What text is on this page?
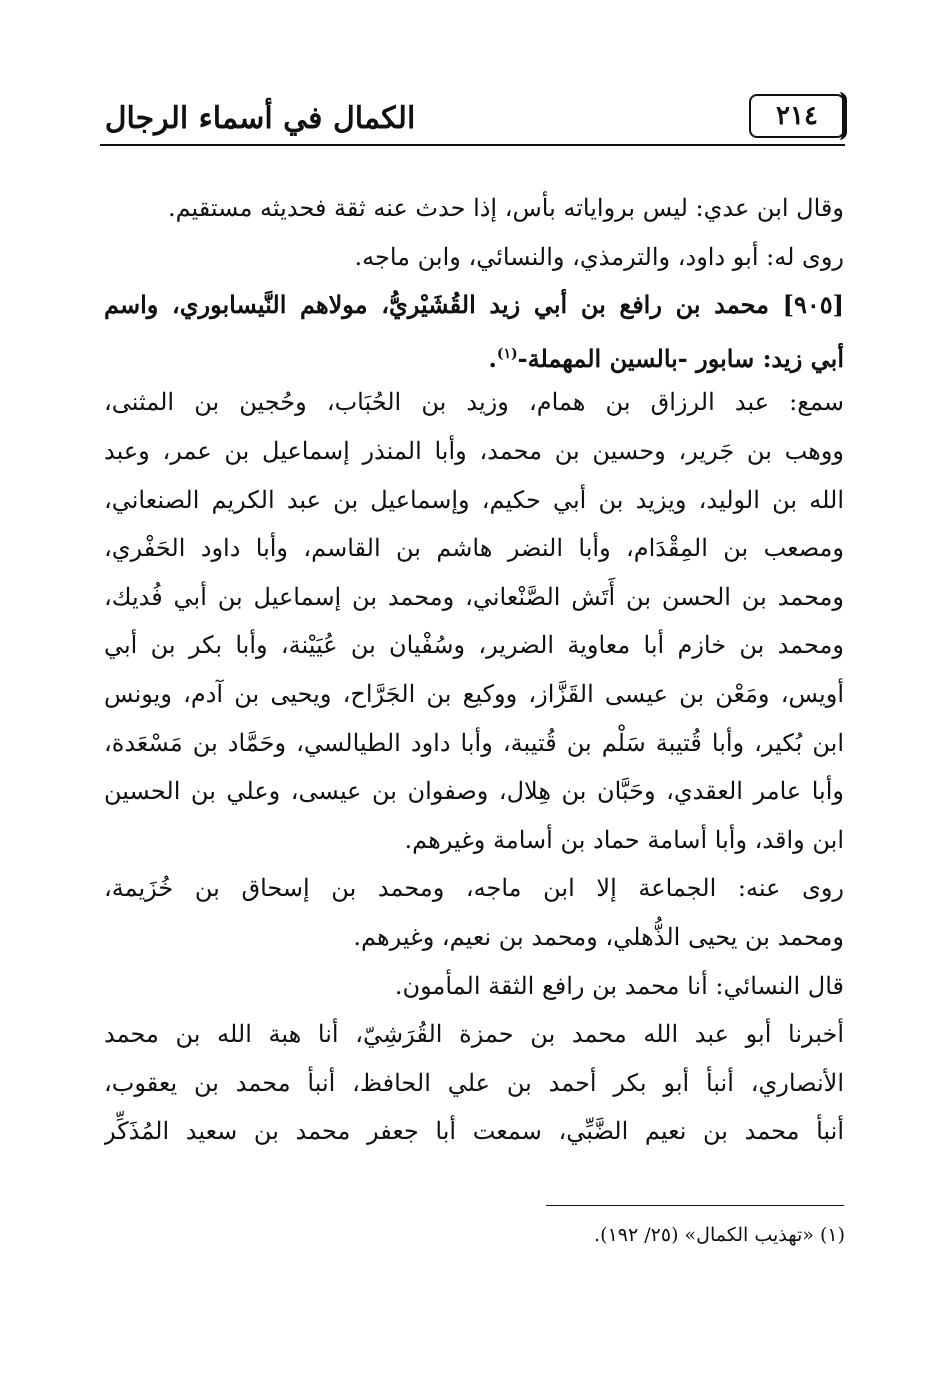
الكمال في أسماء الرجال	٢١٤
وقال ابن عدي: ليس برواياته بأس، إذا حدث عنه ثقة فحديثه مستقيم.
روى له: أبو داود، والترمذي، والنسائي، وابن ماجه.
[٩٠٥] محمد بن رافع بن أبي زيد القُشَيْريُّ، مولاهم النَّيسابوري، واسم
أبي زيد: سابور -بالسين المهملة-$^{(١)}$.
سمع: عبد الرزاق بن همام، وزيد بن الحُبَاب، وحُجين بن المثنى،
ووهب بن جَرير، وحسين بن محمد، وأبا المنذر إسماعيل بن عمر، وعبد
الله بن الوليد، ويزيد بن أبي حكيم، وإسماعيل بن عبد الكريم الصنعاني،
ومصعب بن المِقْدَام، وأبا النضر هاشم بن القاسم، وأبا داود الحَفْري،
ومحمد بن الحسن بن أَتَش الصَّنْعاني، ومحمد بن إسماعيل بن أبي فُديك،
ومحمد بن خازم أبا معاوية الضرير، وسُفْيان بن عُيَيْنة، وأبا بكر بن أبي
أويس، ومَعْن بن عيسى القَزَّاز، ووكيع بن الجَرَّاح، ويحيى بن آدم، ويونس
ابن بُكير، وأبا قُتيبة سَلْم بن قُتيبة، وأبا داود الطيالسي، وحَمَّاد بن مَسْعَدة،
وأبا عامر العقدي، وحَبَّان بن هِلال، وصفوان بن عيسى، وعلي بن الحسين
ابن واقد، وأبا أسامة حماد بن أسامة وغيرهم.
روى عنه: الجماعة إلا ابن ماجه، ومحمد بن إسحاق بن خُزَيمة،
ومحمد بن يحيى الذُّهلي، ومحمد بن نعيم، وغيرهم.
قال النسائي: أنا محمد بن رافع الثقة المأمون.
أخبرنا أبو عبد الله محمد بن حمزة القُرَشِيّ، أنا هبة الله بن محمد
الأنصاري، أنبأ أبو بكر أحمد بن علي الحافظ، أنبأ محمد بن يعقوب،
أنبأ محمد بن نعيم الضَّبِّي، سمعت أبا جعفر محمد بن سعيد المُذَكِّر
(١) «تهذيب الكمال» (٢٥/ ١٩٢).
